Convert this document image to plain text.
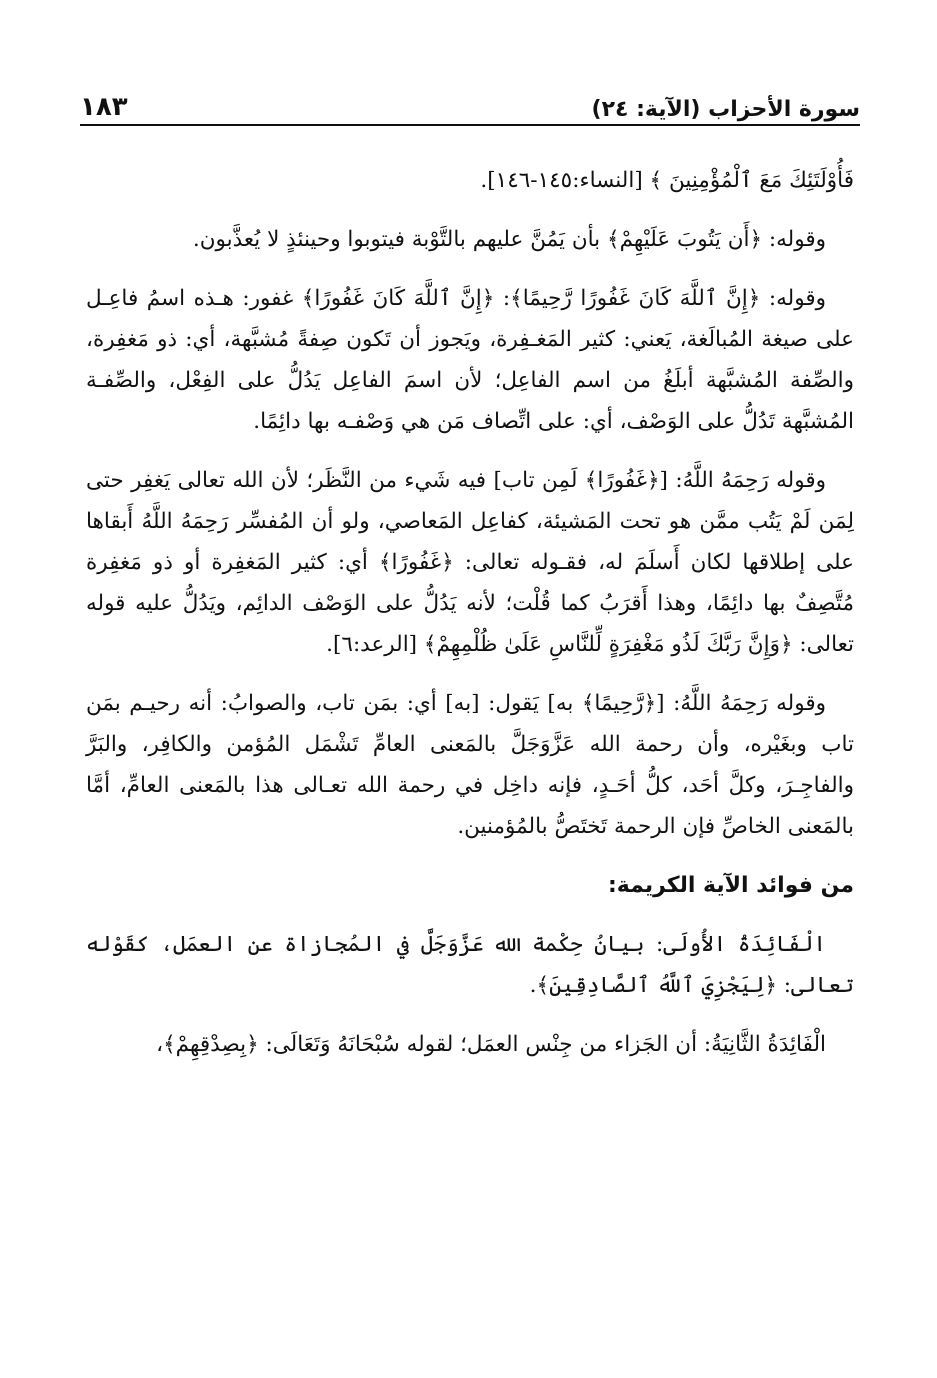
سورة الأحزاب (الآية: ٢٤)
١٨٣

فَأُوْلَتَئِكَ مَعَ ٱلْمُؤْمِنِينَ ﴾ [النساء:١٤٥-١٤٦].

وقوله: ﴿أَن يَتُوبَ عَلَيْهِمْ﴾ بأن يَمُنَّ عليهم بالتَّوْبة فيتوبوا وحينئذٍ لا يُعذَّبون.

وقوله: ﴿إِنَّ ٱللَّهَ كَانَ غَفُورًا رَّحِيمًا﴾: ﴿إِنَّ ٱللَّهَ كَانَ غَفُورًا﴾ غفور: هـذه اسمُ فاعِـل على صيغة المُبالَغة، يَعني: كثير المَغـفِرة، ويَجوز أن تَكون صِفةً مُشبَّهة، أي: ذو مَغفِرة، والصِّفة المُشبَّهة أبلَغُ من اسم الفاعِل؛ لأن اسمَ الفاعِل يَدُلُّ على الفِعْل، والصِّفـة المُشبَّهة تَدُلُّ على الوَصْف، أي: على اتِّصاف مَن هي وَصْفـه بها دائِمًا.

وقوله رَحِمَهُ اللَّهُ: [﴿غَفُورًا﴾ لَمِن تاب] فيه شَيء من النَّظَر؛ لأن الله تعالى يَغفِر حتى لِمَن لَمْ يَتُب ممَّن هو تحت المَشيئة، كفاعِل المَعاصي، ولو أن المُفسِّر رَحِمَهُ اللَّهُ أَبقاها على إطلاقها لكان أَسلَمَ له، فقـوله تعالى: ﴿غَفُورًا﴾ أي: كثير المَغفِرة أو ذو مَغفِرة مُتَّصِفٌ بها دائِمًا، وهذا أَقرَبُ كما قُلْت؛ لأنه يَدُلُّ على الوَصْف الدائِم، ويَدُلُّ عليه قوله تعالى: ﴿وَإِنَّ رَبَّكَ لَذُو مَغْفِرَةٍ لِّلنَّاسِ عَلَىٰ ظُلْمِهِمْ﴾ [الرعد:٦].

وقوله رَحِمَهُ اللَّهُ: [﴿رَّحِيمًا﴾ به] يَقول: [به] أي: بمَن تاب، والصوابُ: أنه رحيـم بمَن تاب وبغَيْره، وأن رحمة الله عَزَّوَجَلَّ بالمَعنى العامِّ تَشْمَل المُؤمن والكافِر، والبَرَّ والفاجِـرَ، وكلَّ أحَد، كلُّ أحَـدٍ، فإنه داخِل في رحمة الله تعـالى هذا بالمَعنى العامِّ، أمَّا بالمَعنى الخاصِّ فإن الرحمة تَختَصُّ بالمُؤمنين.

من فوائد الآية الكريمة:

الْفَائِدَةُ الأُولَى: بيانُ حِكْمة الله عَزَّوَجَلَّ في المُجازاة عن العمَل، كقَوْله تعالى: ﴿لِيَجْزِيَ ٱللَّهُ ٱلصَّادِقِينَ﴾.

الْفَائِدَةُ الثَّانِيَةُ: أن الجَزاء من جِنْس العمَل؛ لقوله سُبْحَانَهُ وَتَعَالَى: ﴿بِصِدْقِهِمْ﴾،
